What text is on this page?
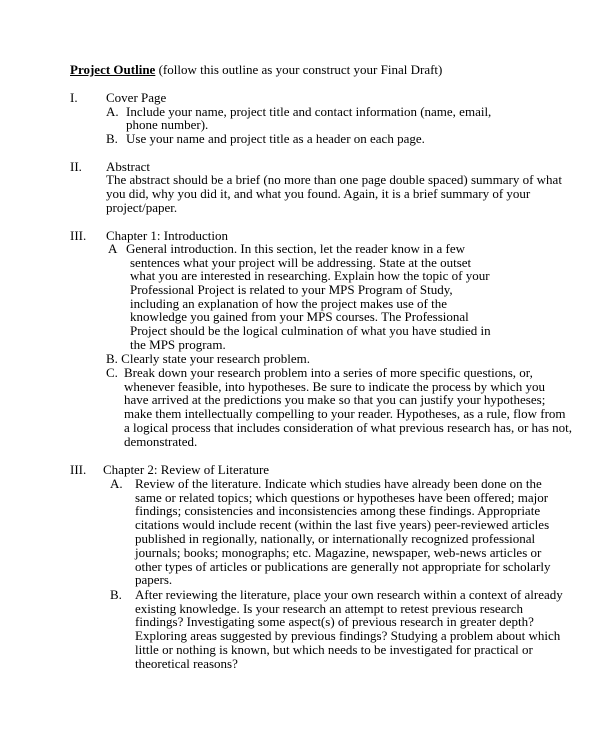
Project Outline (follow this outline as your construct your Final Draft)
I. Cover Page
A. Include your name, project title and contact information (name, email,
phone number).
B. Use your name and project title as a header on each page.
II. Abstract
The abstract should be a brief (no more than one page double spaced) summary of what
you did, why you did it, and what you found. Again, it is a brief summary of your
project/paper.
III. Chapter 1: Introduction
A General introduction. In this section, let the reader know in a few
sentences what your project will be addressing. State at the outset
what you are interested in researching. Explain how the topic of your
Professional Project is related to your MPS Program of Study,
including an explanation of how the project makes use of the
knowledge you gained from your MPS courses. The Professional
Project should be the logical culmination of what you have studied in
the MPS program.
B. Clearly state your research problem.
C. Break down your research problem into a series of more specific questions, or,
whenever feasible, into hypotheses. Be sure to indicate the process by which you
have arrived at the predictions you make so that you can justify your hypotheses;
make them intellectually compelling to your reader. Hypotheses, as a rule, flow from
a logical process that includes consideration of what previous research has, or has not,
demonstrated.
III. Chapter 2: Review of Literature
A. Review of the literature. Indicate which studies have already been done on the
same or related topics; which questions or hypotheses have been offered; major
findings; consistencies and inconsistencies among these findings. Appropriate
citations would include recent (within the last five years) peer-reviewed articles
published in regionally, nationally, or internationally recognized professional
journals; books; monographs; etc. Magazine, newspaper, web-news articles or
other types of articles or publications are generally not appropriate for scholarly
papers.
B. After reviewing the literature, place your own research within a context of already
existing knowledge. Is your research an attempt to retest previous research
findings? Investigating some aspect(s) of previous research in greater depth?
Exploring areas suggested by previous findings? Studying a problem about which
little or nothing is known, but which needs to be investigated for practical or
theoretical reasons?
